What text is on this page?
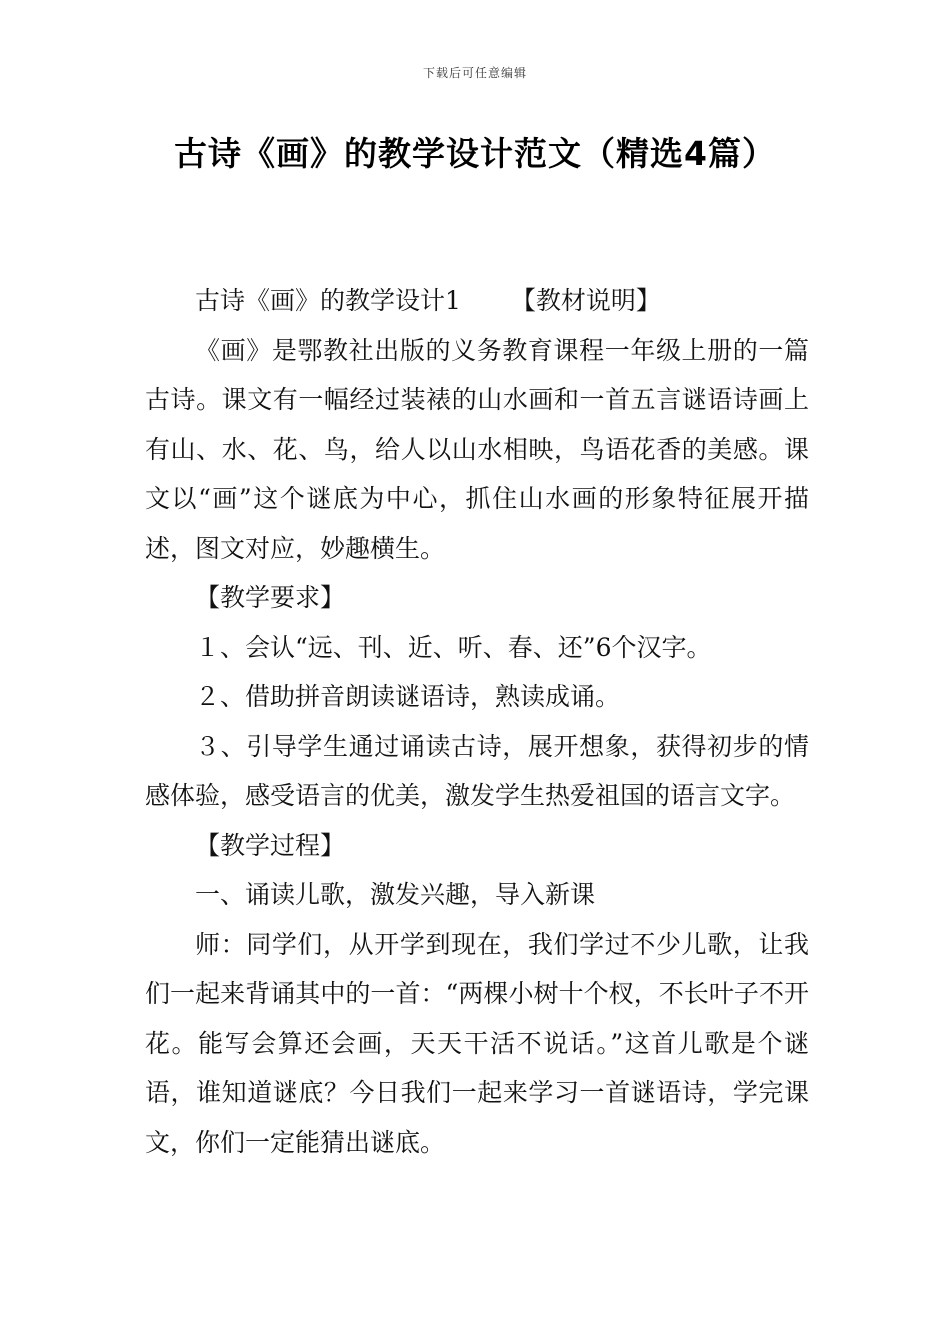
下载后可任意编辑
古诗《画》的教学设计范文（精选4篇）

古诗《画》的教学设计1 【教材说明】

《画》是鄂教社出版的义务教育课程一年级上册的一篇古诗。课文有一幅经过装裱的山水画和一首五言谜语诗画上有山、水、花、鸟，给人以山水相映，鸟语花香的美感。课文以“画”这个谜底为中心，抓住山水画的形象特征展开描述，图文对应，妙趣横生。

【教学要求】

１、会认“远、刊、近、听、春、还”6个汉字。

２、借助拼音朗读谜语诗，熟读成诵。

３、引导学生通过诵读古诗，展开想象，获得初步的情感体验，感受语言的优美，激发学生热爱祖国的语言文字。

【教学过程】

一、诵读儿歌，激发兴趣，导入新课

师：同学们，从开学到现在，我们学过不少儿歌，让我们一起来背诵其中的一首：“两棵小树十个杈，不长叶子不开花。能写会算还会画，天天干活不说话。”这首儿歌是个谜语，谁知道谜底？今日我们一起来学习一首谜语诗，学完课文，你们一定能猜出谜底。
